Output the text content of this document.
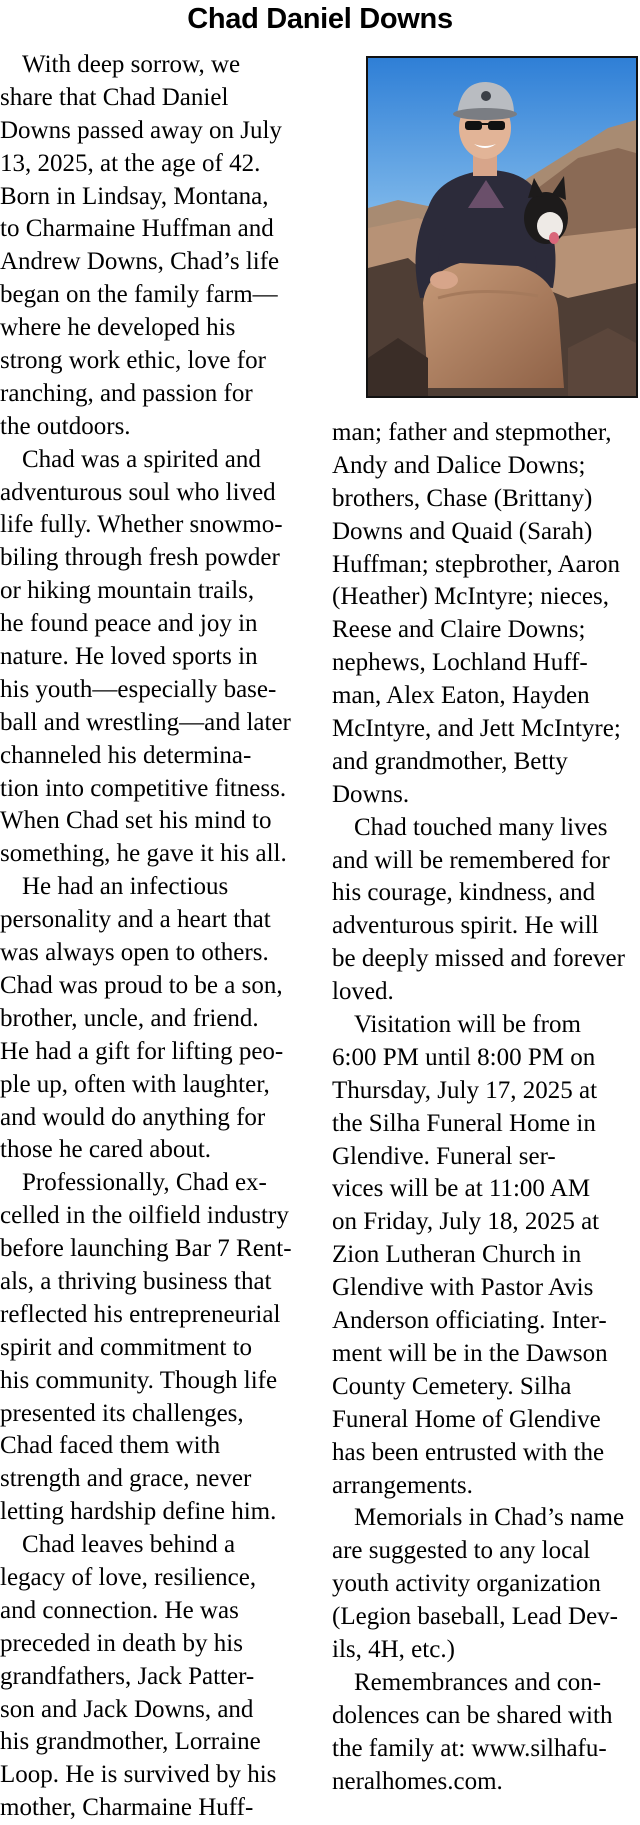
Chad Daniel Downs
With deep sorrow, we
share that Chad Daniel
Downs passed away on July
13, 2025, at the age of 42.
Born in Lindsay, Montana,
to Charmaine Huffman and
Andrew Downs, Chad’s life
began on the family farm—
where he developed his
strong work ethic, love for
ranching, and passion for
the outdoors.
Chad was a spirited and
adventurous soul who lived
life fully. Whether snowmo-
biling through fresh powder
or hiking mountain trails,
he found peace and joy in
nature. He loved sports in
his youth—especially base-
ball and wrestling—and later
channeled his determina-
tion into competitive fitness.
When Chad set his mind to
something, he gave it his all.
He had an infectious
personality and a heart that
was always open to others.
Chad was proud to be a son,
brother, uncle, and friend.
He had a gift for lifting peo-
ple up, often with laughter,
and would do anything for
those he cared about.
Professionally, Chad ex-
celled in the oilfield industry
before launching Bar 7 Rent-
als, a thriving business that
reflected his entrepreneurial
spirit and commitment to
his community. Though life
presented its challenges,
Chad faced them with
strength and grace, never
letting hardship define him.
Chad leaves behind a
legacy of love, resilience,
and connection. He was
preceded in death by his
grandfathers, Jack Patter-
son and Jack Downs, and
his grandmother, Lorraine
Loop. He is survived by his
mother, Charmaine Huff-
man; father and stepmother,
Andy and Dalice Downs;
brothers, Chase (Brittany)
Downs and Quaid (Sarah)
Huffman; stepbrother, Aaron
(Heather) McIntyre; nieces,
Reese and Claire Downs;
nephews, Lochland Huff-
man, Alex Eaton, Hayden
McIntyre, and Jett McIntyre;
and grandmother, Betty
Downs.
Chad touched many lives
and will be remembered for
his courage, kindness, and
adventurous spirit. He will
be deeply missed and forever
loved.
Visitation will be from
6:00 PM until 8:00 PM on
Thursday, July 17, 2025 at
the Silha Funeral Home in
Glendive. Funeral ser-
vices will be at 11:00 AM
on Friday, July 18, 2025 at
Zion Lutheran Church in
Glendive with Pastor Avis
Anderson officiating. Inter-
ment will be in the Dawson
County Cemetery. Silha
Funeral Home of Glendive
has been entrusted with the
arrangements.
Memorials in Chad’s name
are suggested to any local
youth activity organization
(Legion baseball, Lead Dev-
ils, 4H, etc.)
Remembrances and con-
dolences can be shared with
the family at: www.silhafu-
neralhomes.com.
